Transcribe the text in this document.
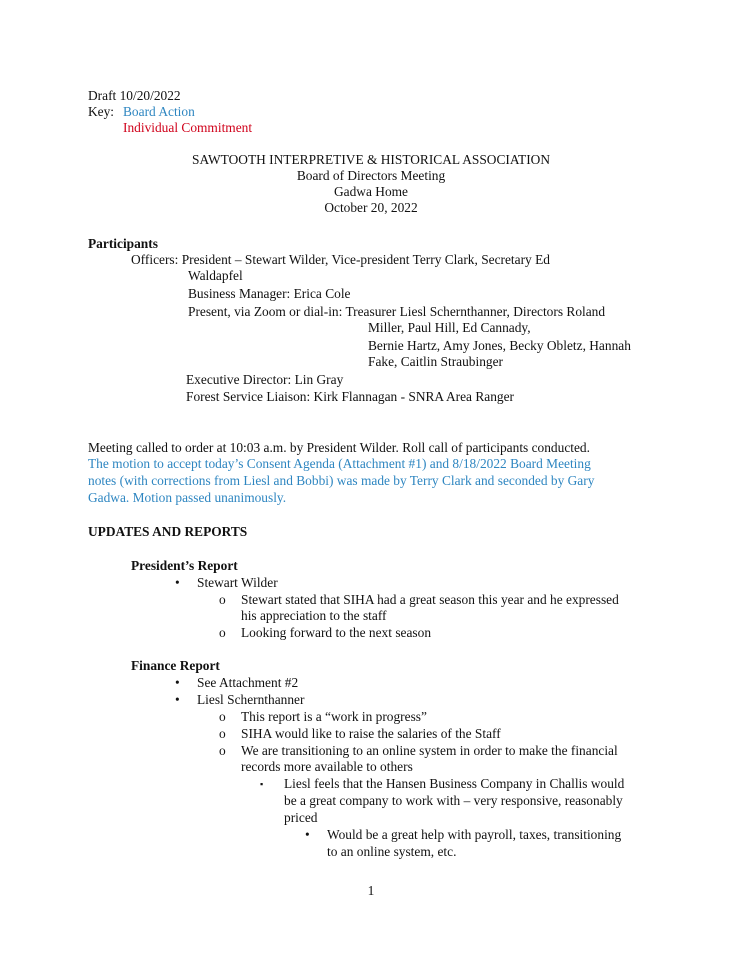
Draft 10/20/2022
Key: Board Action
Individual Commitment
SAWTOOTH INTERPRETIVE & HISTORICAL ASSOCIATION
Board of Directors Meeting
Gadwa Home
October 20, 2022
Participants
Officers: President – Stewart Wilder, Vice-president Terry Clark, Secretary Ed
Waldapfel
Business Manager: Erica Cole
Present, via Zoom or dial-in: Treasurer Liesl Schernthanner, Directors Roland
Miller, Paul Hill, Ed Cannady,
Bernie Hartz, Amy Jones, Becky Obletz, Hannah
Fake, Caitlin Straubinger
Executive Director: Lin Gray
Forest Service Liaison: Kirk Flannagan - SNRA Area Ranger
Meeting called to order at 10:03 a.m. by President Wilder. Roll call of participants conducted.
The motion to accept today’s Consent Agenda (Attachment #1) and 8/18/2022 Board Meeting
notes (with corrections from Liesl and Bobbi) was made by Terry Clark and seconded by Gary
Gadwa. Motion passed unanimously.
UPDATES AND REPORTS
President’s Report
• Stewart Wilder
o Stewart stated that SIHA had a great season this year and he expressed
his appreciation to the staff
o Looking forward to the next season
Finance Report
• See Attachment #2
• Liesl Schernthanner
o This report is a “work in progress”
o SIHA would like to raise the salaries of the Staff
o We are transitioning to an online system in order to make the financial
records more available to others
▪ Liesl feels that the Hansen Business Company in Challis would
be a great company to work with – very responsive, reasonably
priced
• Would be a great help with payroll, taxes, transitioning
to an online system, etc.
1
